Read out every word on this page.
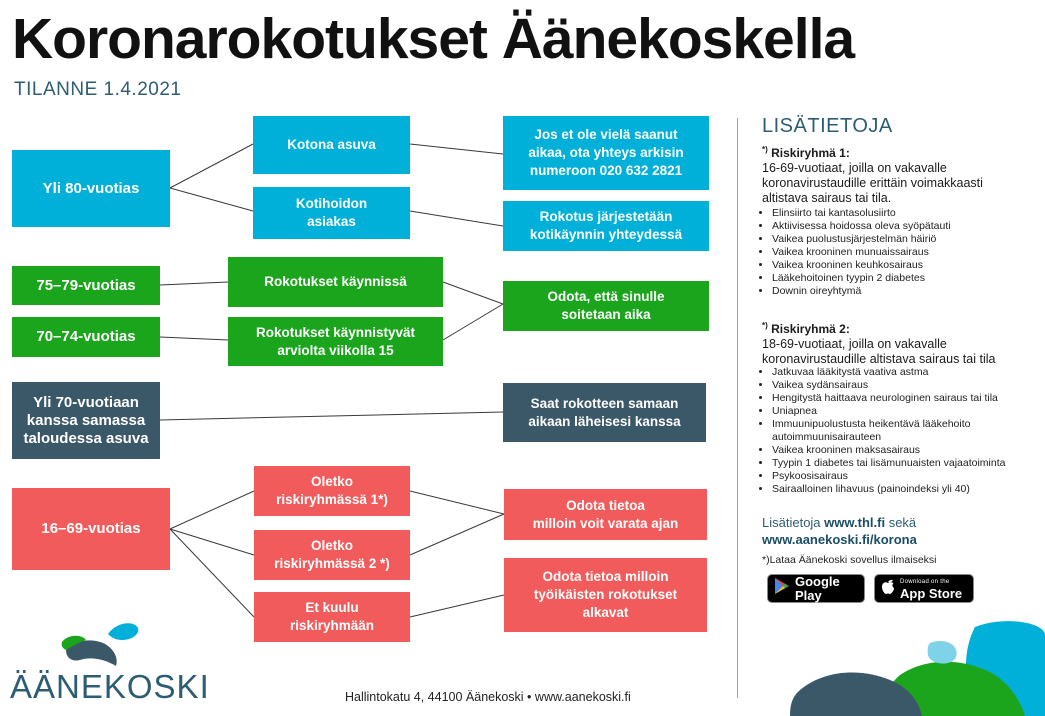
Koronarokotukset Äänekoskella
TILANNE 1.4.2021
Yli 80-vuotias
Kotona asuva
Kotihoidon
asiakas
Jos et ole vielä saanut
aikaa, ota yhteys arkisin
numeroon 020 632 2821
Rokotus järjestetään
kotikäynnin yhteydessä
75–79-vuotias
70–74-vuotias
Rokotukset käynnissä
Rokotukset käynnistyvät
arviolta viikolla 15
Odota, että sinulle
soitetaan aika
Yli 70-vuotiaan
kanssa samassa
taloudessa asuva
Saat rokotteen samaan
aikaan läheisesi kanssa
16–69-vuotias
Oletko
riskiryhmässä 1*)
Oletko
riskiryhmässä 2 *)
Et kuulu
riskiryhmään
Odota tietoa
milloin voit varata ajan
Odota tietoa milloin
työikäisten rokotukset
alkavat
LISÄTIETOJA
*) Riskiryhmä 1:
16-69-vuotiaat, joilla on vakavalle koronavirustaudille erittäin voimakkaasti altistava sairaus tai tila.
• Elinsiirto tai kantasolusiirto
• Aktiivisessa hoidossa oleva syöpätauti
• Vaikea puolustusjärjestelmän häiriö
• Vaikea krooninen munuaissairaus
• Vaikea krooninen keuhkosairaus
• Lääkehoitoinen tyypin 2 diabetes
• Downin oireyhtymä
*) Riskiryhmä 2:
18-69-vuotiaat, joilla on vakavalle koronavirustaudille altistava sairaus tai tila
• Jatkuvaa lääkitystä vaativa astma
• Vaikea sydänsairaus
• Hengitystä haittaava neurologinen sairaus tai tila
• Uniapnea
• Immuunipuolustusta heikentävä lääkehoito autoimmuunisairauteen
• Vaikea krooninen maksasairaus
• Tyypin 1 diabetes tai lisämunuaisten vajaatoiminta
• Psykoosisairaus
• Sairaalloinen lihavuus (painoindeksi yli 40)
Lisätietoja www.thl.fi sekä
www.aanekoski.fi/korona
*)Lataa Äänekoski sovellus ilmaiseksi
HANKI
Google Play
PALVELUSTA
Download on the
App Store
ÄÄNEKOSKI	Hallintokatu 4, 44100 Äänekoski • www.aanekoski.fi
